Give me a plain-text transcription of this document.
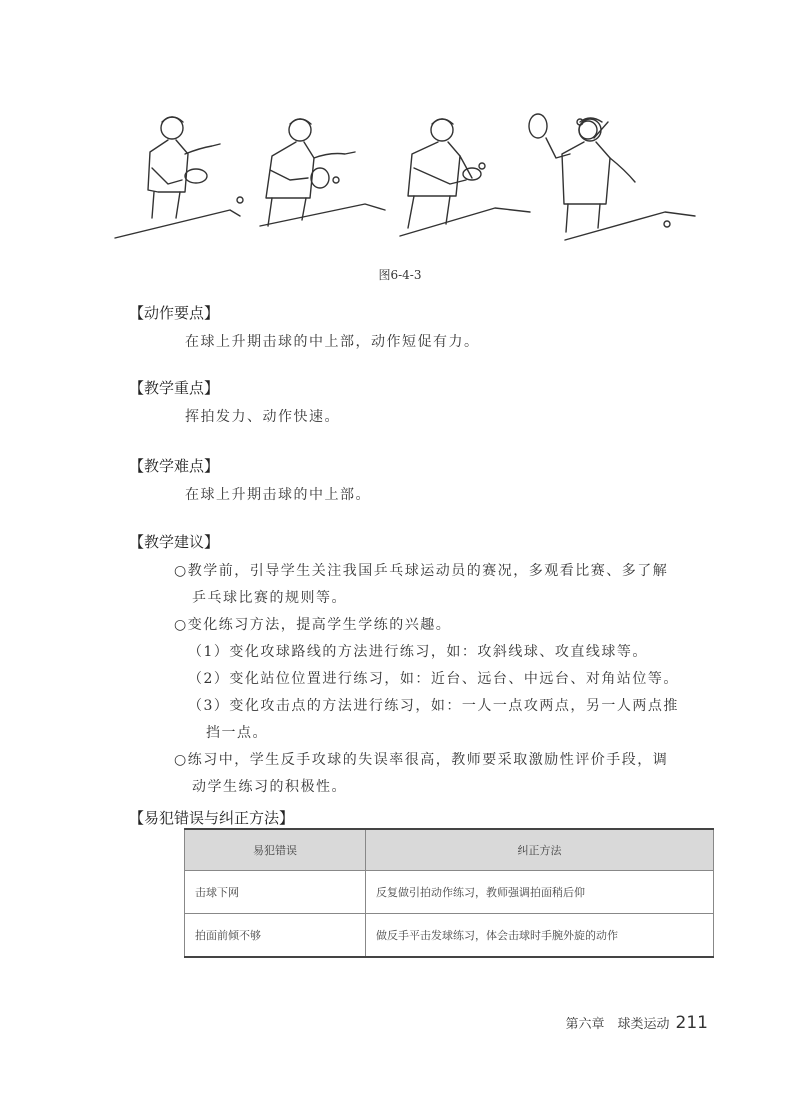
图6-4-3
【动作要点】
在球上升期击球的中上部，动作短促有力。
【教学重点】
挥拍发力、动作快速。
【教学难点】
在球上升期击球的中上部。
【教学建议】
○教学前，引导学生关注我国乒乓球运动员的赛况，多观看比赛、多了解
乒乓球比赛的规则等。
○变化练习方法，提高学生学练的兴趣。
（1）变化攻球路线的方法进行练习，如：攻斜线球、攻直线球等。
（2）变化站位位置进行练习，如：近台、远台、中远台、对角站位等。
（3）变化攻击点的方法进行练习，如：一人一点攻两点，另一人两点推
挡一点。
○练习中，学生反手攻球的失误率很高，教师要采取激励性评价手段，调
动学生练习的积极性。
【易犯错误与纠正方法】
易犯错误	纠正方法
击球下网	反复做引拍动作练习，教师强调拍面稍后仰
拍面前倾不够	做反手平击发球练习，体会击球时手腕外旋的动作
第六章　球类运动 211
